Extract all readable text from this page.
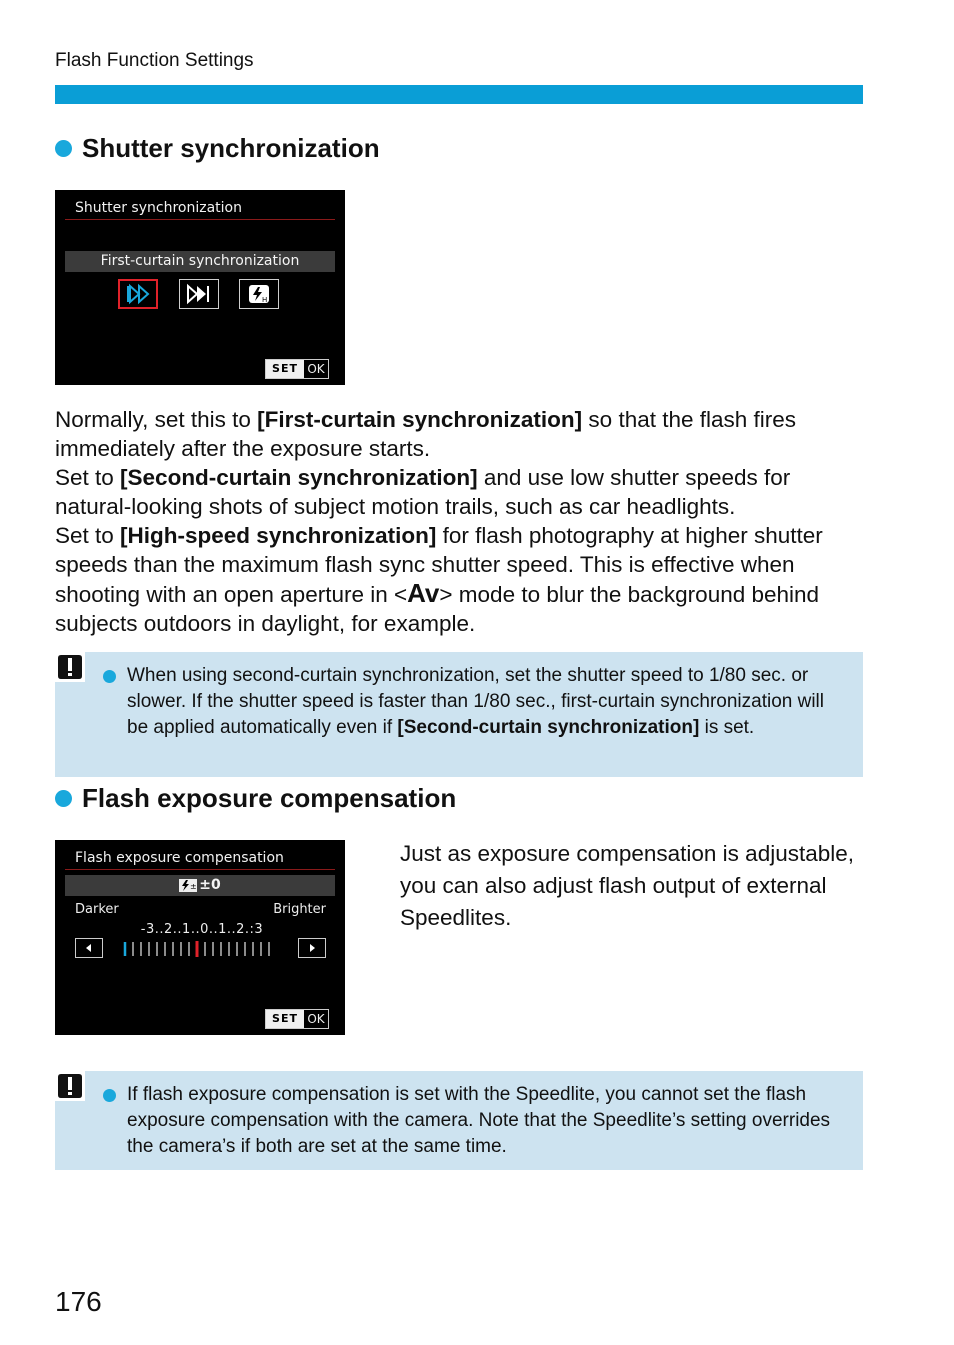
Flash Function Settings
Shutter synchronization
Shutter synchronization
First-curtain synchronization
H
SET OK

Normally, set this to [First-curtain synchronization] so that the flash fires immediately after the exposure starts.

Set to [Second-curtain synchronization] and use low shutter speeds for natural-looking shots of subject motion trails, such as car headlights.

Set to [High-speed synchronization] for flash photography at higher shutter speeds than the maximum flash sync shutter speed. This is effective when shooting with an open aperture in <Av> mode to blur the background behind subjects outdoors in daylight, for example.

When using second-curtain synchronization, set the shutter speed to 1/80 sec. or slower. If the shutter speed is faster than 1/80 sec., first-curtain synchronization will be applied automatically even if [Second-curtain synchronization] is set.
Flash exposure compensation
Flash exposure compensation
± ±0
Darker	Brighter
-3..2..1..0..1..2.:3
SET OK
Just as exposure compensation is adjustable, you can also adjust flash output of external Speedlites.
If flash exposure compensation is set with the Speedlite, you cannot set the flash exposure compensation with the camera. Note that the Speedlite’s setting overrides the camera’s if both are set at the same time.
176
